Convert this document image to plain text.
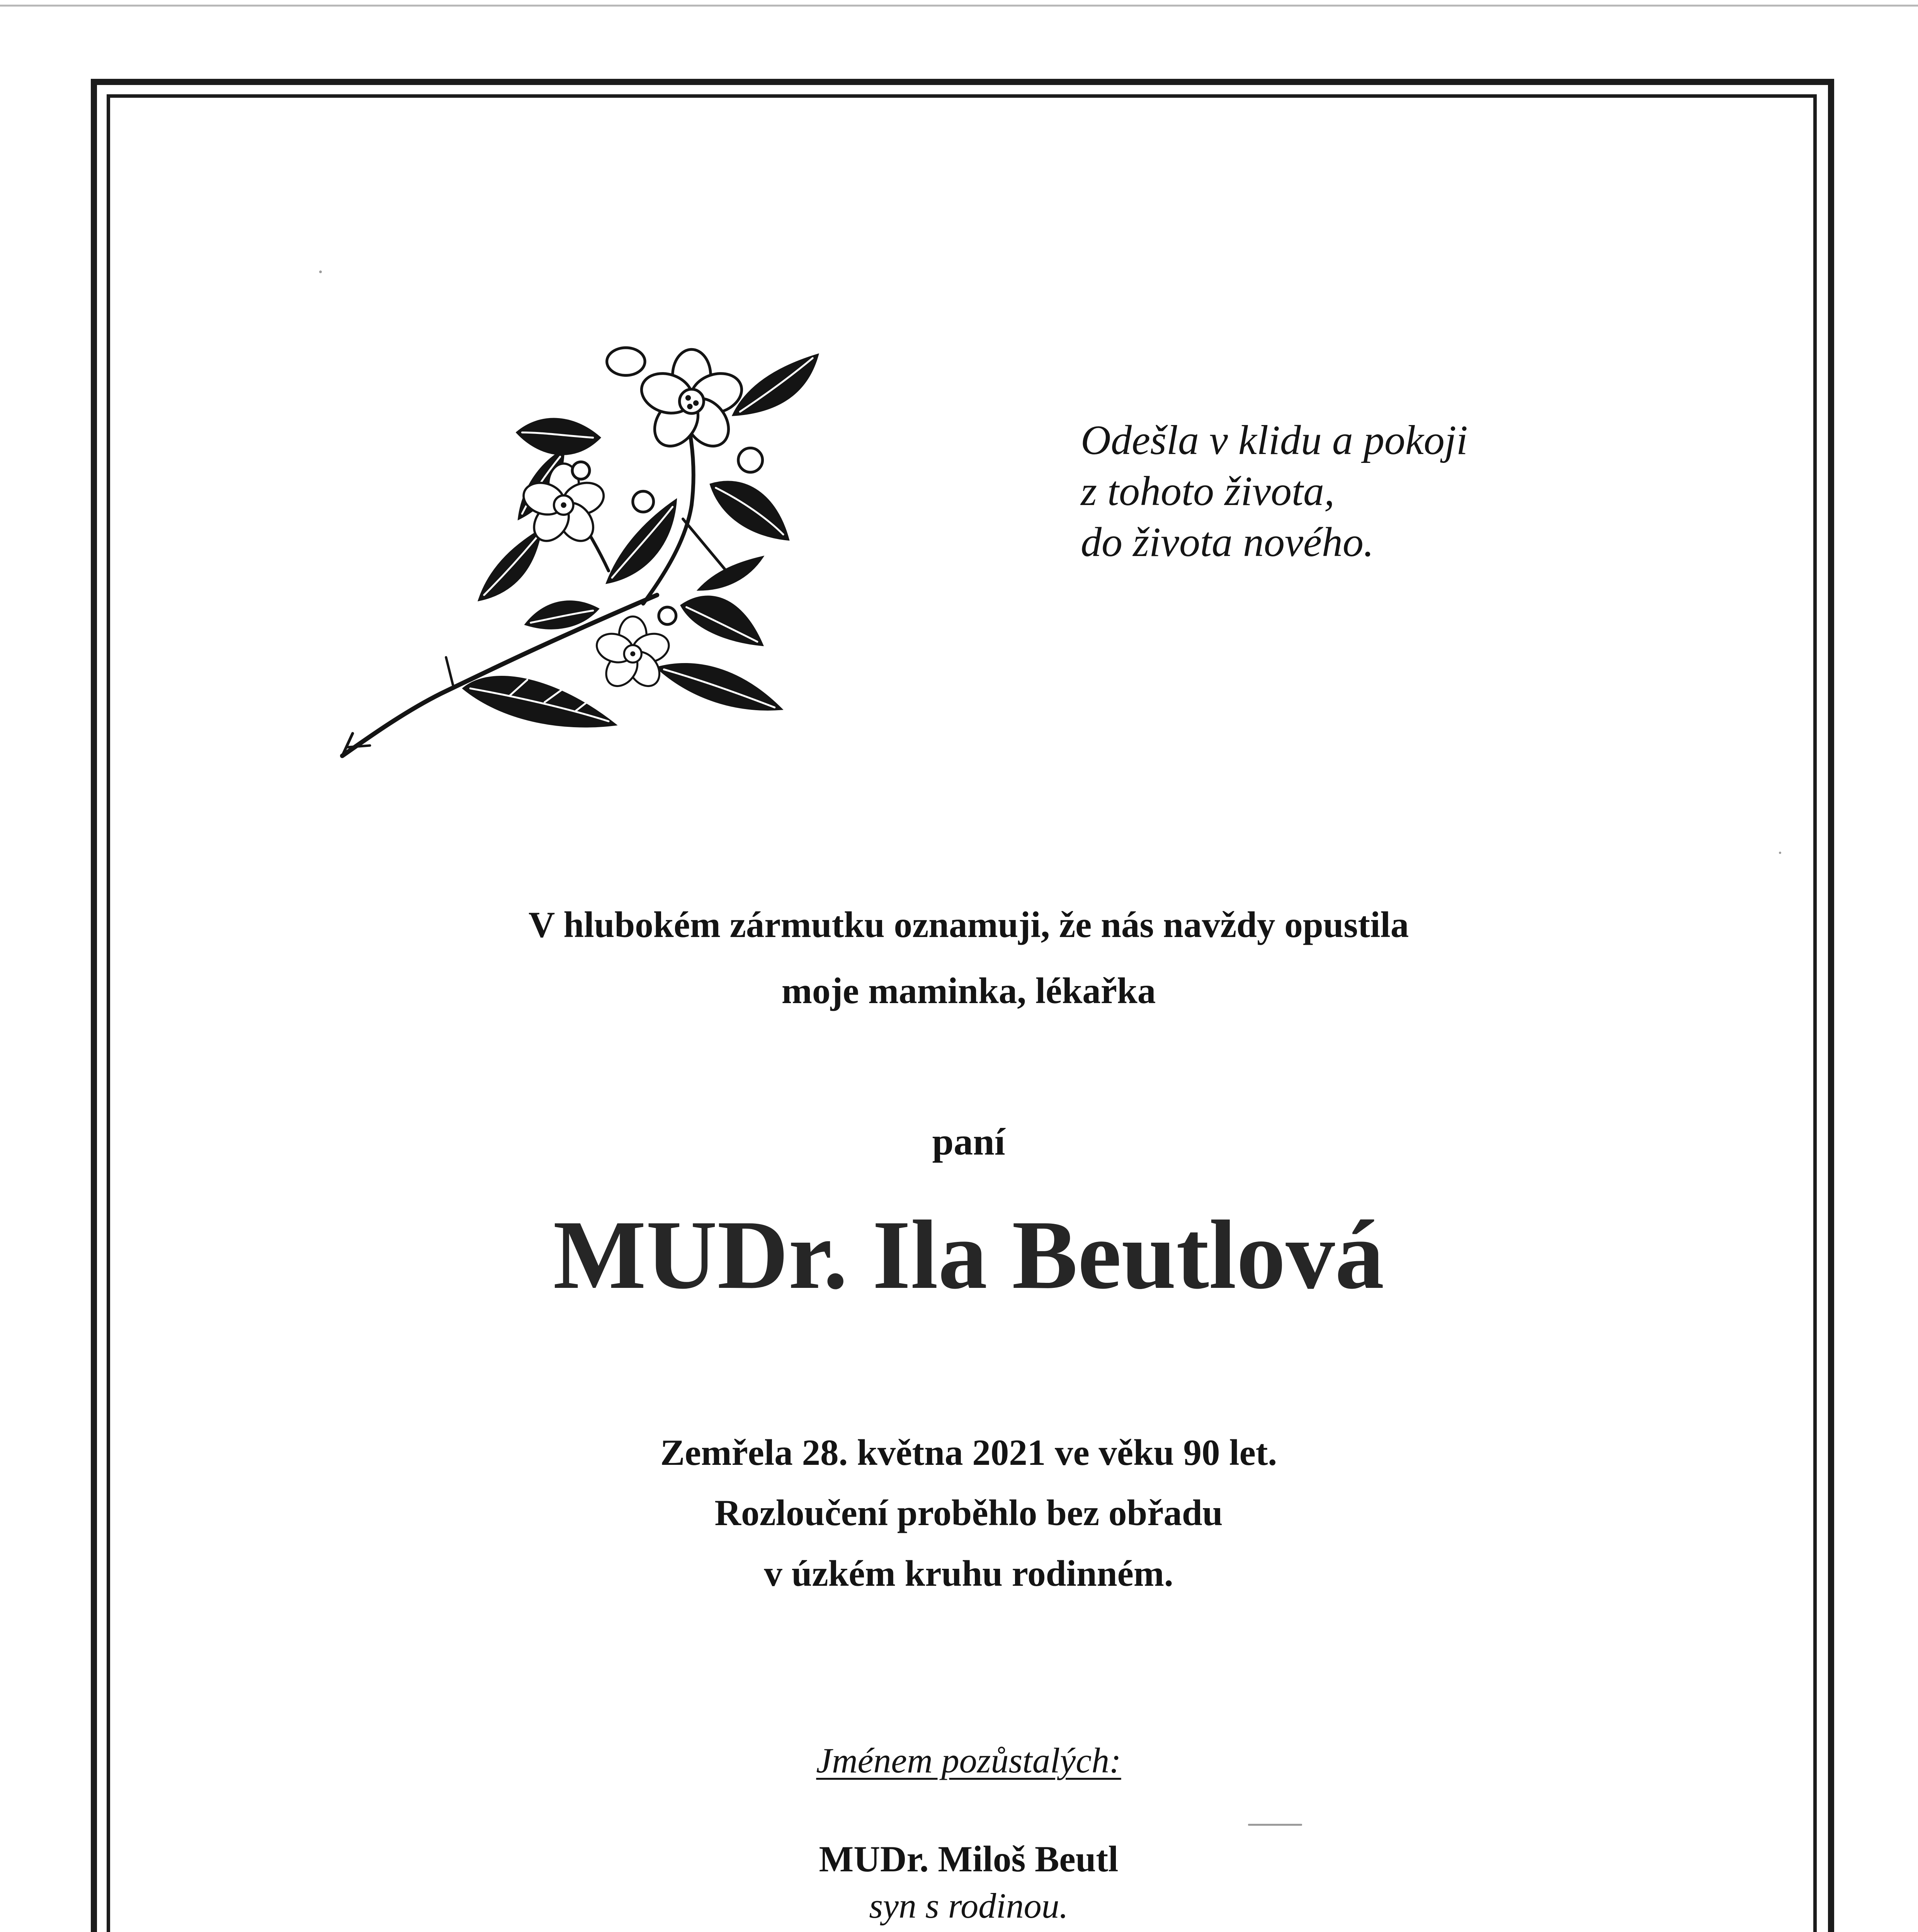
Odešla v klidu a pokoji
z tohoto života,
do života nového.
V hlubokém zármutku oznamuji, že nás navždy opustila
moje maminka, lékařka
paní
MUDr. Ila Beutlová
Zemřela 28. května 2021 ve věku 90 let.
Rozloučení proběhlo bez obřadu
v úzkém kruhu rodinném.
Jménem pozůstalých:
MUDr. Miloš Beutl
syn s rodinou.
